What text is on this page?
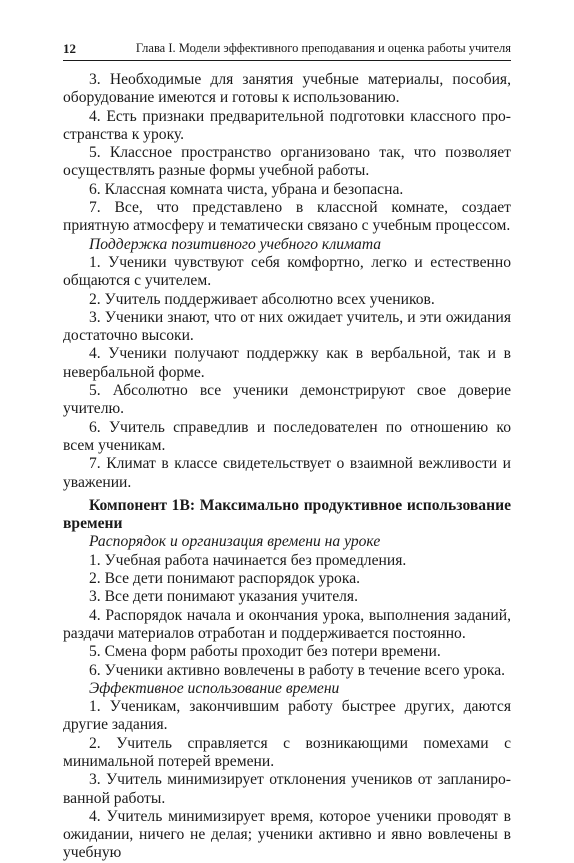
12	Глава I. Модели эффективного преподавания и оценка работы учителя

3. Необходимые для занятия учебные материалы, пособия, оборудование имеются и готовы к использованию.

4. Есть признаки предварительной подготовки классного пространства к уроку.

5. Классное пространство организовано так, что позволяет осуществлять разные формы учебной работы.

6. Классная комната чиста, убрана и безопасна.

7. Все, что представлено в классной комнате, создает приятную атмосферу и тематически связано с учебным процессом.

Поддержка позитивного учебного климата

1. Ученики чувствуют себя комфортно, легко и естественно общаются с учителем.

2. Учитель поддерживает абсолютно всех учеников.

3. Ученики знают, что от них ожидает учитель, и эти ожидания достаточно высоки.

4. Ученики получают поддержку как в вербальной, так и в невербальной форме.

5. Абсолютно все ученики демонстрируют свое доверие учителю.

6. Учитель справедлив и последователен по отношению ко всем ученикам.

7. Климат в классе свидетельствует о взаимной вежливости и уважении.

Компонент 1В: Максимально продуктивное использование времени

Распорядок и организация времени на уроке

1. Учебная работа начинается без промедления.

2. Все дети понимают распорядок урока.

3. Все дети понимают указания учителя.

4. Распорядок начала и окончания урока, выполнения заданий, раздачи материалов отработан и поддерживается постоянно.

5. Смена форм работы проходит без потери времени.

6. Ученики активно вовлечены в работу в течение всего урока.

Эффективное использование времени

1. Ученикам, закончившим работу быстрее других, даются другие задания.

2. Учитель справляется с возникающими помехами с минимальной потерей времени.

3. Учитель минимизирует отклонения учеников от запланированной работы.

4. Учитель минимизирует время, которое ученики проводят в ожидании, ничего не делая; ученики активно и явно вовлечены в учебную
